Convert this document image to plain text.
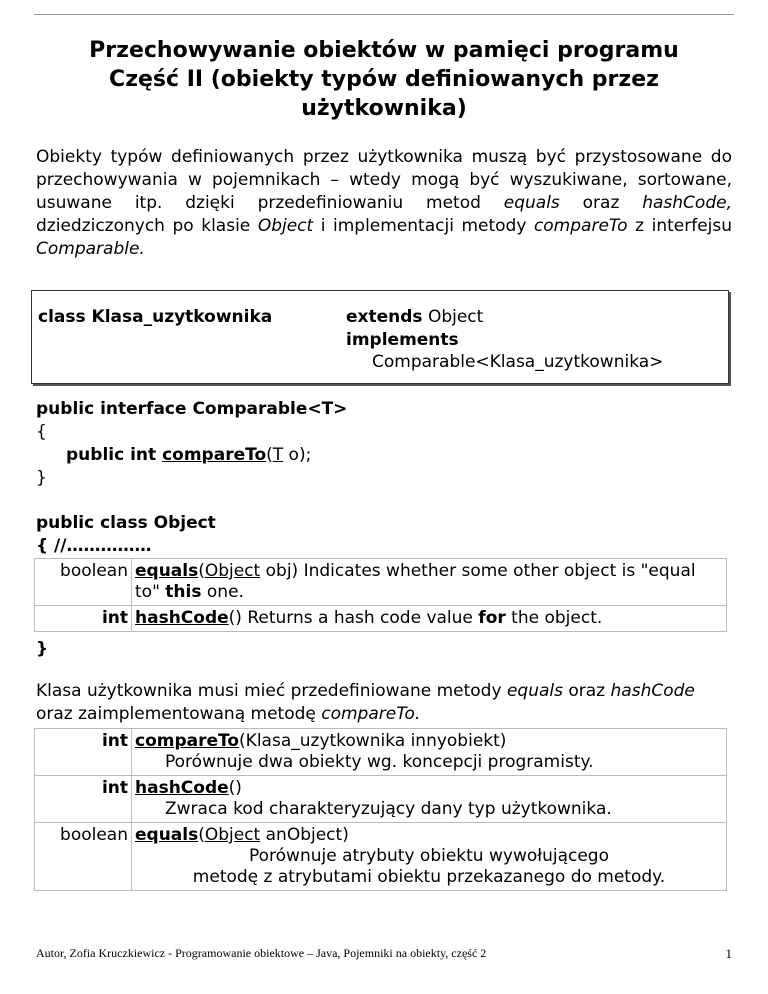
Przechowywanie obiektów w pamięci programu
Część II (obiekty typów definiowanych przez
użytkownika)
Obiekty typów definiowanych przez użytkownika muszą być przystosowane do przechowywania w pojemnikach – wtedy mogą być wyszukiwane, sortowane, usuwane itp. dzięki przedefiniowaniu metod equals oraz hashCode, dziedziczonych po klasie Object i implementacji metody compareTo z interfejsu Comparable.
class Klasa_uzytkownika	extends Object
implements
Comparable<Klasa_uzytkownika>
public interface Comparable<T>
{
public int compareTo(T o);
}
public class Object
{ //……………
boolean	equals(Object obj) Indicates whether some other object is "equal to" this one.
int	hashCode() Returns a hash code value for the object.
}
Klasa użytkownika musi mieć przedefiniowane metody equals oraz hashCode oraz zaimplementowaną metodę compareTo.
int	compareTo(Klasa_uzytkownika innyobiekt)
Porównuje dwa obiekty wg. koncepcji programisty.

int	hashCode()
Zwraca kod charakteryzujący dany typ użytkownika.

boolean	equals(Object anObject)
Porównuje atrybuty obiektu wywołującego
metodę z atrybutami obiektu przekazanego do metody.
Autor, Zofia Kruczkiewicz - Programowanie obiektowe – Java, Pojemniki na obiekty, część 2	1
